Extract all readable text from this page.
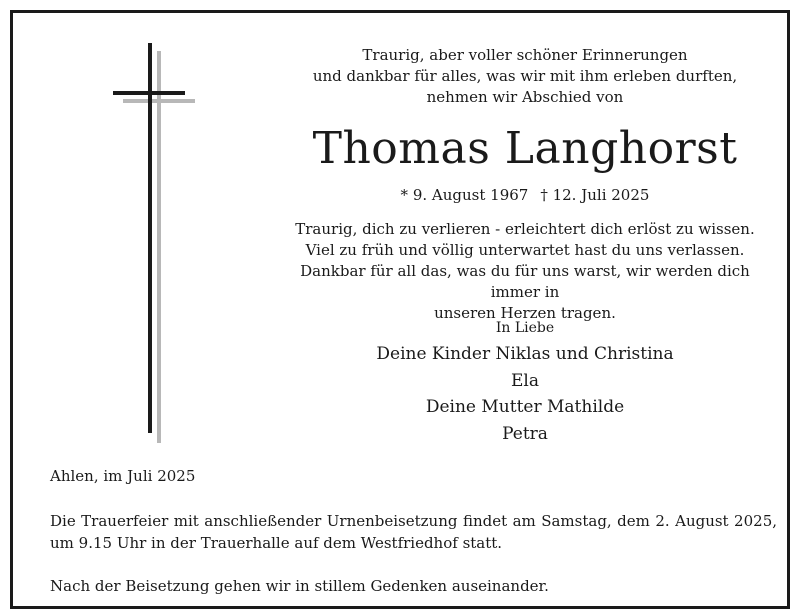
Traurig, aber voller schöner Erinnerungen
und dankbar für alles, was wir mit ihm erleben durften,
nehmen wir Abschied von
Thomas Langhorst
* 9. August 1967 † 12. Juli 2025
Traurig, dich zu verlieren - erleichtert dich erlöst zu wissen.
Viel zu früh und völlig unterwartet hast du uns verlassen.
Dankbar für all das, was du für uns warst, wir werden dich immer in
unseren Herzen tragen.
In Liebe
Deine Kinder Niklas und Christina
Ela
Deine Mutter Mathilde
Petra
Ahlen, im Juli 2025
Die Trauerfeier mit anschließender Urnenbeisetzung findet am Samstag, dem 2. August 2025, um 9.15 Uhr in der Trauerhalle auf dem Westfriedhof statt.
Nach der Beisetzung gehen wir in stillem Gedenken auseinander.
